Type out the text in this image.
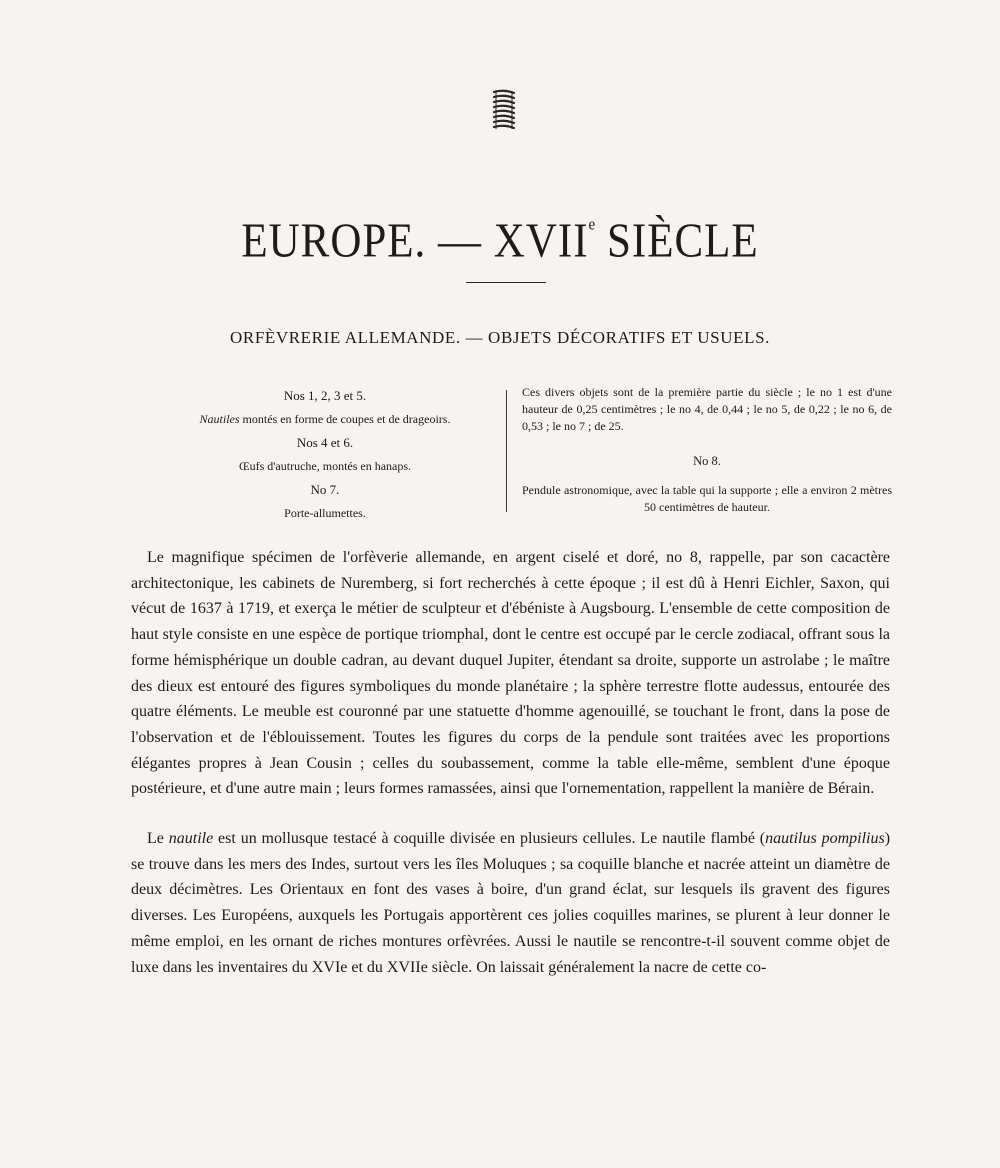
EUROPE. — XVIIe SIÈCLE
ORFÈVRERIE ALLEMANDE. — OBJETS DÉCORATIFS ET USUELS.
Nos 1, 2, 3 et 5.
Nautiles montés en forme de coupes et de drageoirs.
Nos 4 et 6.
Œufs d'autruche, montés en hanaps.
No 7.
Porte-allumettes.
Ces divers objets sont de la première partie du siècle ; le no 1 est d'une hauteur de 0,25 centimètres ; le no 4, de 0,44 ; le no 5, de 0,22 ; le no 6, de 0,53 ; le no 7 ; de 25.
No 8.
Pendule astronomique, avec la table qui la supporte ; elle a environ 2 mètres 50 centimètres de hauteur.

 Le magnifique spécimen de l'orfèverie allemande, en argent ciselé et doré, no 8, rappelle, par son cacactère architectonique, les cabinets de Nuremberg, si fort recherchés à cette époque ; il est dû à Henri Eichler, Saxon, qui vécut de 1637 à 1719, et exerça le métier de sculpteur et d'ébéniste à Augsbourg. L'ensemble de cette composition de haut style consiste en une espèce de portique triomphal, dont le centre est occupé par le cercle zodiacal, offrant sous la forme hémisphérique un double cadran, au devant duquel Jupiter, étendant sa droite, supporte un astrolabe ; le maître des dieux est entouré des figures symboliques du monde planétaire ; la sphère terrestre flotte audessus, entourée des quatre éléments. Le meuble est couronné par une statuette d'homme agenouillé, se touchant le front, dans la pose de l'observation et de l'éblouissement. Toutes les figures du corps de la pendule sont traitées avec les proportions élégantes propres à Jean Cousin ; celles du soubassement, comme la table elle-même, semblent d'une époque postérieure, et d'une autre main ; leurs formes ramassées, ainsi que l'ornementation, rappellent la manière de Bérain.

 Le nautile est un mollusque testacé à coquille divisée en plusieurs cellules. Le nautile flambé (nautilus pompilius) se trouve dans les mers des Indes, surtout vers les îles Moluques ; sa coquille blanche et nacrée atteint un diamètre de deux décimètres. Les Orientaux en font des vases à boire, d'un grand éclat, sur lesquels ils gravent des figures diverses. Les Européens, auxquels les Portugais apportèrent ces jolies coquilles marines, se plurent à leur donner le même emploi, en les ornant de riches montures orfèvrées. Aussi le nautile se rencontre-t-il souvent comme objet de luxe dans les inventaires du XVIe et du XVIIe siècle. On laissait généralement la nacre de cette co-
